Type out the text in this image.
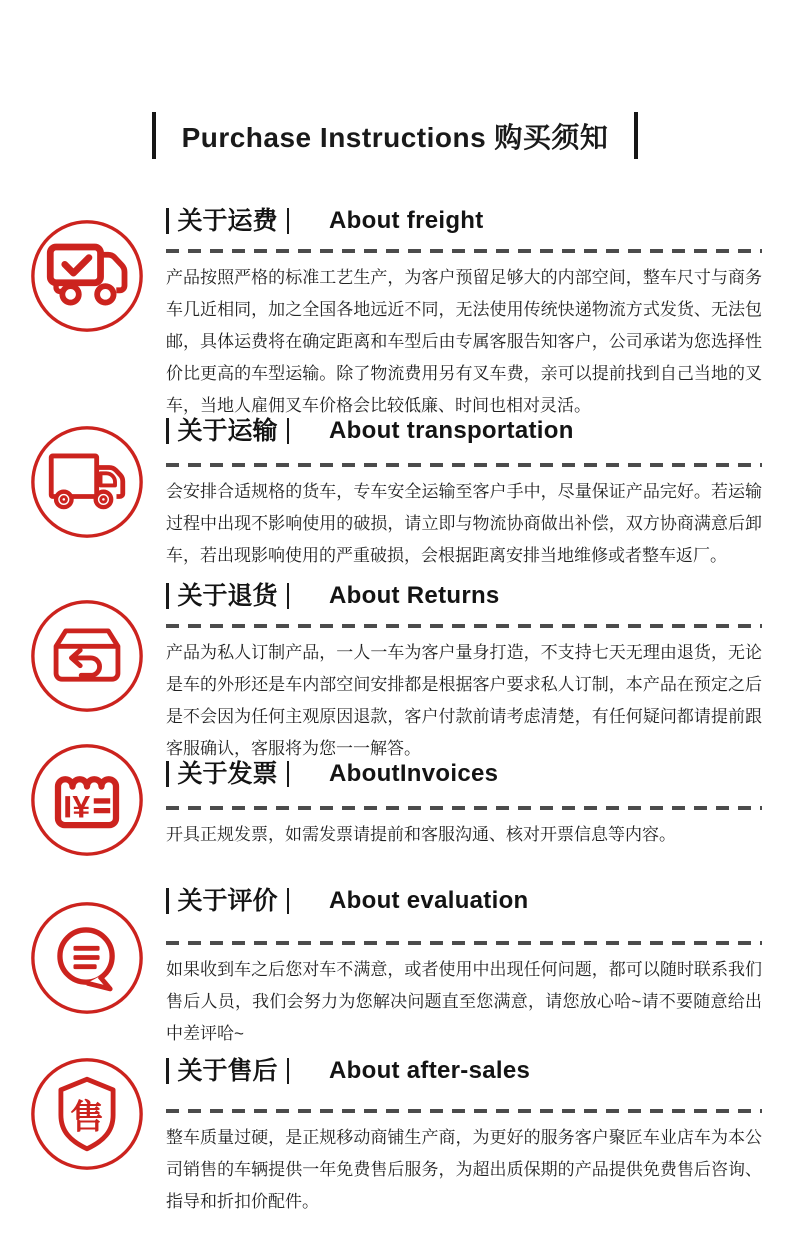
Purchase Instructions 购买须知
关于运费 About freight

产品按照严格的标准工艺生产，为客户预留足够大的内部空间，整车尺寸与商务车几近相同，加之全国各地远近不同，无法使用传统快递物流方式发货、无法包邮，具体运费将在确定距离和车型后由专属客服告知客户，公司承诺为您选择性价比更高的车型运输。除了物流费用另有叉车费，亲可以提前找到自己当地的叉车，当地人雇佣叉车价格会比较低廉、时间也相对灵活。

关于运输 About transportation

会安排合适规格的货车，专车安全运输至客户手中，尽量保证产品完好。若运输过程中出现不影响使用的破损，请立即与物流协商做出补偿，双方协商满意后卸车，若出现影响使用的严重破损，会根据距离安排当地维修或者整车返厂。

关于退货 About Returns

产品为私人订制产品，一人一车为客户量身打造，不支持七天无理由退货，无论是车的外形还是车内部空间安排都是根据客户要求私人订制，本产品在预定之后是不会因为任何主观原因退款，客户付款前请考虑清楚，有任何疑问都请提前跟客服确认，客服将为您一一解答。

¥
关于发票 AboutInvoices

开具正规发票，如需发票请提前和客服沟通、核对开票信息等内容。

关于评价 About evaluation

如果收到车之后您对车不满意，或者使用中出现任何问题，都可以随时联系我们售后人员，我们会努力为您解决问题直至您满意，请您放心哈~请不要随意给出中差评哈~

售
关于售后 About after-sales

整车质量过硬，是正规移动商铺生产商，为更好的服务客户聚匠车业店车为本公司销售的车辆提供一年免费售后服务，为超出质保期的产品提供免费售后咨询、指导和折扣价配件。
